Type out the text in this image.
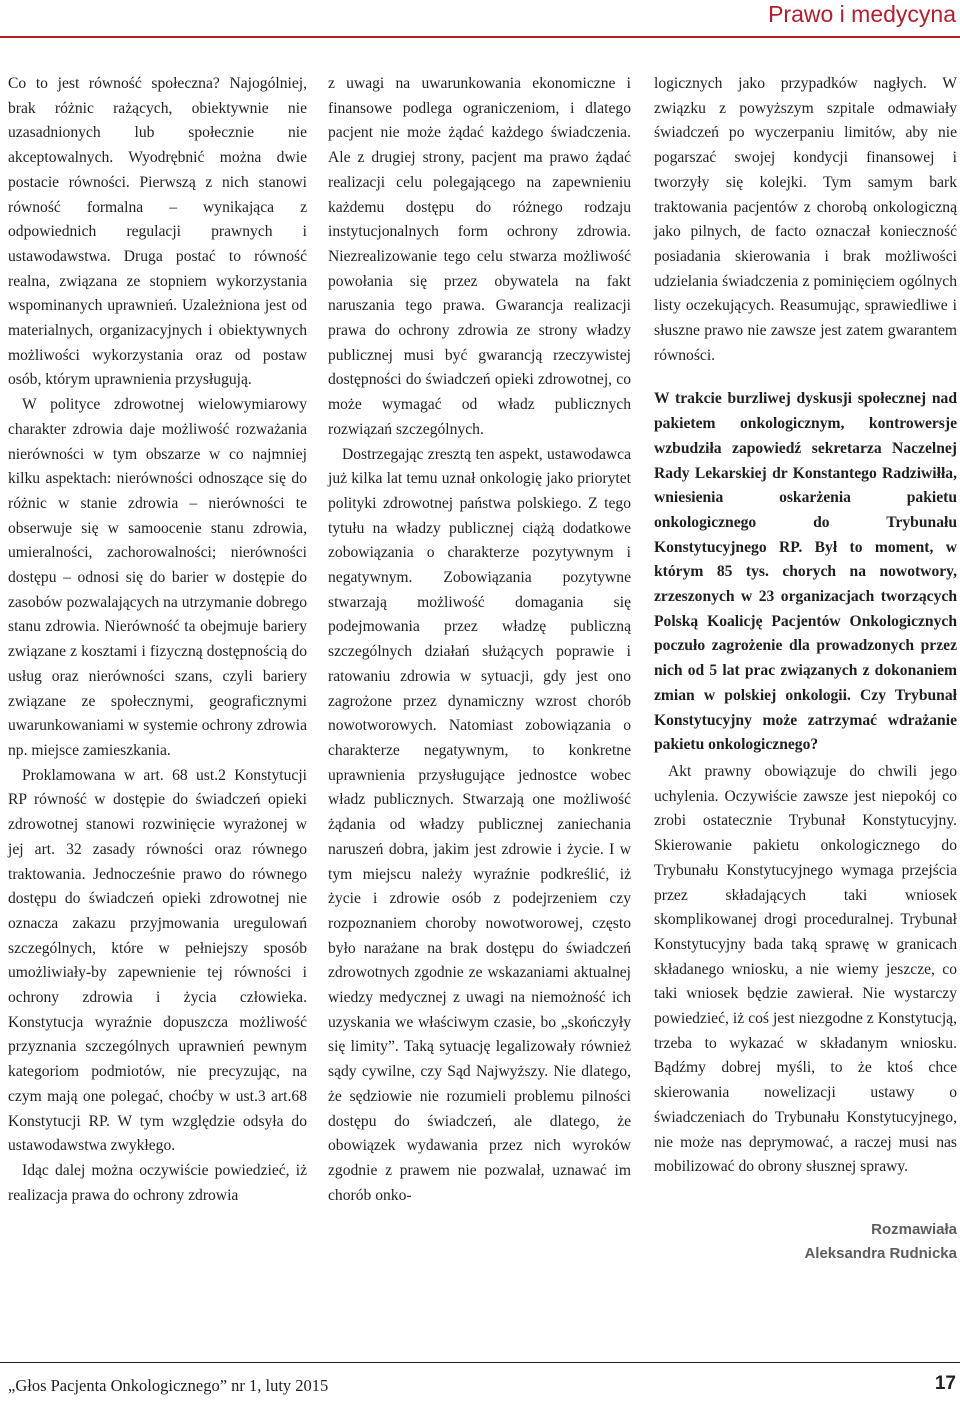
Prawo i medycyna

Co to jest równość społeczna? Najogólniej, brak różnic rażących, obiektywnie nie uzasadnionych lub społecznie nie akceptowalnych. Wyodrębnić można dwie postacie równości. Pierwszą z nich stanowi równość formalna – wynikająca z odpowiednich regulacji prawnych i ustawodawstwa. Druga postać to równość realna, związana ze stopniem wykorzystania wspominanych uprawnień. Uzależniona jest od materialnych, organizacyjnych i obiektywnych możliwości wykorzystania oraz od postaw osób, którym uprawnienia przysługują.

W polityce zdrowotnej wielowymiarowy charakter zdrowia daje możliwość rozważania nierówności w tym obszarze w co najmniej kilku aspektach: nierówności odnoszące się do różnic w stanie zdrowia – nierówności te obserwuje się w samoocenie stanu zdrowia, umieralności, zachorowalności; nierówności dostępu – odnosi się do barier w dostępie do zasobów pozwalających na utrzymanie dobrego stanu zdrowia. Nierówność ta obejmuje bariery związane z kosztami i fizyczną dostępnością do usług oraz nierówności szans, czyli bariery związane ze społecznymi, geograficznymi uwarunkowaniami w systemie ochrony zdrowia np. miejsce zamieszkania.

Proklamowana w art. 68 ust.2 Konstytucji RP równość w dostępie do świadczeń opieki zdrowotnej stanowi rozwinięcie wyrażonej w jej art. 32 zasady równości oraz równego traktowania. Jednocześnie prawo do równego dostępu do świadczeń opieki zdrowotnej nie oznacza zakazu przyjmowania uregulowań szczególnych, które w pełniejszy sposób umożliwiały-by zapewnienie tej równości i ochrony zdrowia i życia człowieka. Konstytucja wyraźnie dopuszcza możliwość przyznania szczególnych uprawnień pewnym kategoriom podmiotów, nie precyzując, na czym mają one polegać, choćby w ust.3 art.68 Konstytucji RP. W tym względzie odsyła do ustawodawstwa zwykłego.

Idąc dalej można oczywiście powiedzieć, iż realizacja prawa do ochrony zdrowia

z uwagi na uwarunkowania ekonomiczne i finansowe podlega ograniczeniom, i dlatego pacjent nie może żądać każdego świadczenia. Ale z drugiej strony, pacjent ma prawo żądać realizacji celu polegającego na zapewnieniu każdemu dostępu do różnego rodzaju instytucjonalnych form ochrony zdrowia. Niezrealizowanie tego celu stwarza możliwość powołania się przez obywatela na fakt naruszania tego prawa. Gwarancja realizacji prawa do ochrony zdrowia ze strony władzy publicznej musi być gwarancją rzeczywistej dostępności do świadczeń opieki zdrowotnej, co może wymagać od władz publicznych rozwiązań szczególnych.

Dostrzegając zresztą ten aspekt, ustawodawca już kilka lat temu uznał onkologię jako priorytet polityki zdrowotnej państwa polskiego. Z tego tytułu na władzy publicznej ciążą dodatkowe zobowiązania o charakterze pozytywnym i negatywnym. Zobowiązania pozytywne stwarzają możliwość domagania się podejmowania przez władzę publiczną szczególnych działań służących poprawie i ratowaniu zdrowia w sytuacji, gdy jest ono zagrożone przez dynamiczny wzrost chorób nowotworowych. Natomiast zobowiązania o charakterze negatywnym, to konkretne uprawnienia przysługujące jednostce wobec władz publicznych. Stwarzają one możliwość żądania od władzy publicznej zaniechania naruszeń dobra, jakim jest zdrowie i życie. I w tym miejscu należy wyraźnie podkreślić, iż życie i zdrowie osób z podejrzeniem czy rozpoznaniem choroby nowotworowej, często było narażane na brak dostępu do świadczeń zdrowotnych zgodnie ze wskazaniami aktualnej wiedzy medycznej z uwagi na niemożność ich uzyskania we właściwym czasie, bo „skończyły się limity”. Taką sytuację legalizowały również sądy cywilne, czy Sąd Najwyższy. Nie dlatego, że sędziowie nie rozumieli problemu pilności dostępu do świadczeń, ale dlatego, że obowiązek wydawania przez nich wyroków zgodnie z prawem nie pozwalał, uznawać im chorób onko-

logicznych jako przypadków nagłych. W związku z powyższym szpitale odmawiały świadczeń po wyczerpaniu limitów, aby nie pogarszać swojej kondycji finansowej i tworzyły się kolejki. Tym samym bark traktowania pacjentów z chorobą onkologiczną jako pilnych, de facto oznaczał konieczność posiadania skierowania i brak możliwości udzielania świadczenia z pominięciem ogólnych listy oczekujących. Reasumując, sprawiedliwe i słuszne prawo nie zawsze jest zatem gwarantem równości.

W trakcie burzliwej dyskusji społecznej nad pakietem onkologicznym, kontrowersje wzbudziła zapowiedź sekretarza Naczelnej Rady Lekarskiej dr Konstantego Radziwiłła, wniesienia oskarżenia pakietu onkologicznego do Trybunału Konstytucyjnego RP. Był to moment, w którym 85 tys. chorych na nowotwory, zrzeszonych w 23 organizacjach tworzących Polską Koalicję Pacjentów Onkologicznych poczuło zagrożenie dla prowadzonych przez nich od 5 lat prac związanych z dokonaniem zmian w polskiej onkologii. Czy Trybunał Konstytucyjny może zatrzymać wdrażanie pakietu onkologicznego?

Akt prawny obowiązuje do chwili jego uchylenia. Oczywiście zawsze jest niepokój co zrobi ostatecznie Trybunał Konstytucyjny. Skierowanie pakietu onkologicznego do Trybunału Konstytucyjnego wymaga przejścia przez składających taki wniosek skomplikowanej drogi proceduralnej. Trybunał Konstytucyjny bada taką sprawę w granicach składanego wniosku, a nie wiemy jeszcze, co taki wniosek będzie zawierał. Nie wystarczy powiedzieć, iż coś jest niezgodne z Konstytucją, trzeba to wykazać w składanym wniosku. Bądźmy dobrej myśli, to że ktoś chce skierowania nowelizacji ustawy o świadczeniach do Trybunału Konstytucyjnego, nie może nas deprymować, a raczej musi nas mobilizować do obrony słusznej sprawy.

Rozmawiała
Aleksandra Rudnicka

„Głos Pacjenta Onkologicznego” nr 1, luty 2015	17
